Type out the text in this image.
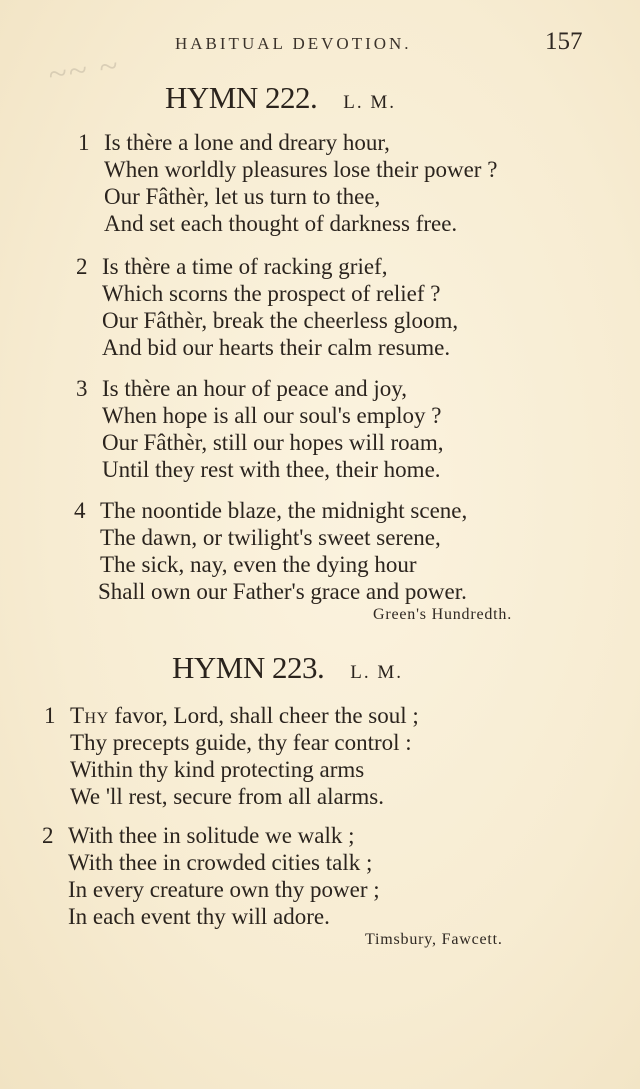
~~ ~
HABITUAL DEVOTION.	157
HYMN 222. L. M.
1 Is thère a lone and dreary hour,
When worldly pleasures lose their power ?
Our Fâthèr, let us turn to thee,
And set each thought of darkness free.
2 Is thère a time of racking grief,
Which scorns the prospect of relief ?
Our Fâthèr, break the cheerless gloom,
And bid our hearts their calm resume.
3 Is thère an hour of peace and joy,
When hope is all our soul's employ ?
Our Fâthèr, still our hopes will roam,
Until they rest with thee, their home.
4 The noontide blaze, the midnight scene,
The dawn, or twilight's sweet serene,
The sick, nay, even the dying hour
Shall own our Father's grace and power.
Green's Hundredth.
HYMN 223. L. M.
1 Thy favor, Lord, shall cheer the soul ;
Thy precepts guide, thy fear control :
Within thy kind protecting arms
We 'll rest, secure from all alarms.
2 With thee in solitude we walk ;
With thee in crowded cities talk ;
In every creature own thy power ;
In each event thy will adore.
Timsbury, Fawcett.
